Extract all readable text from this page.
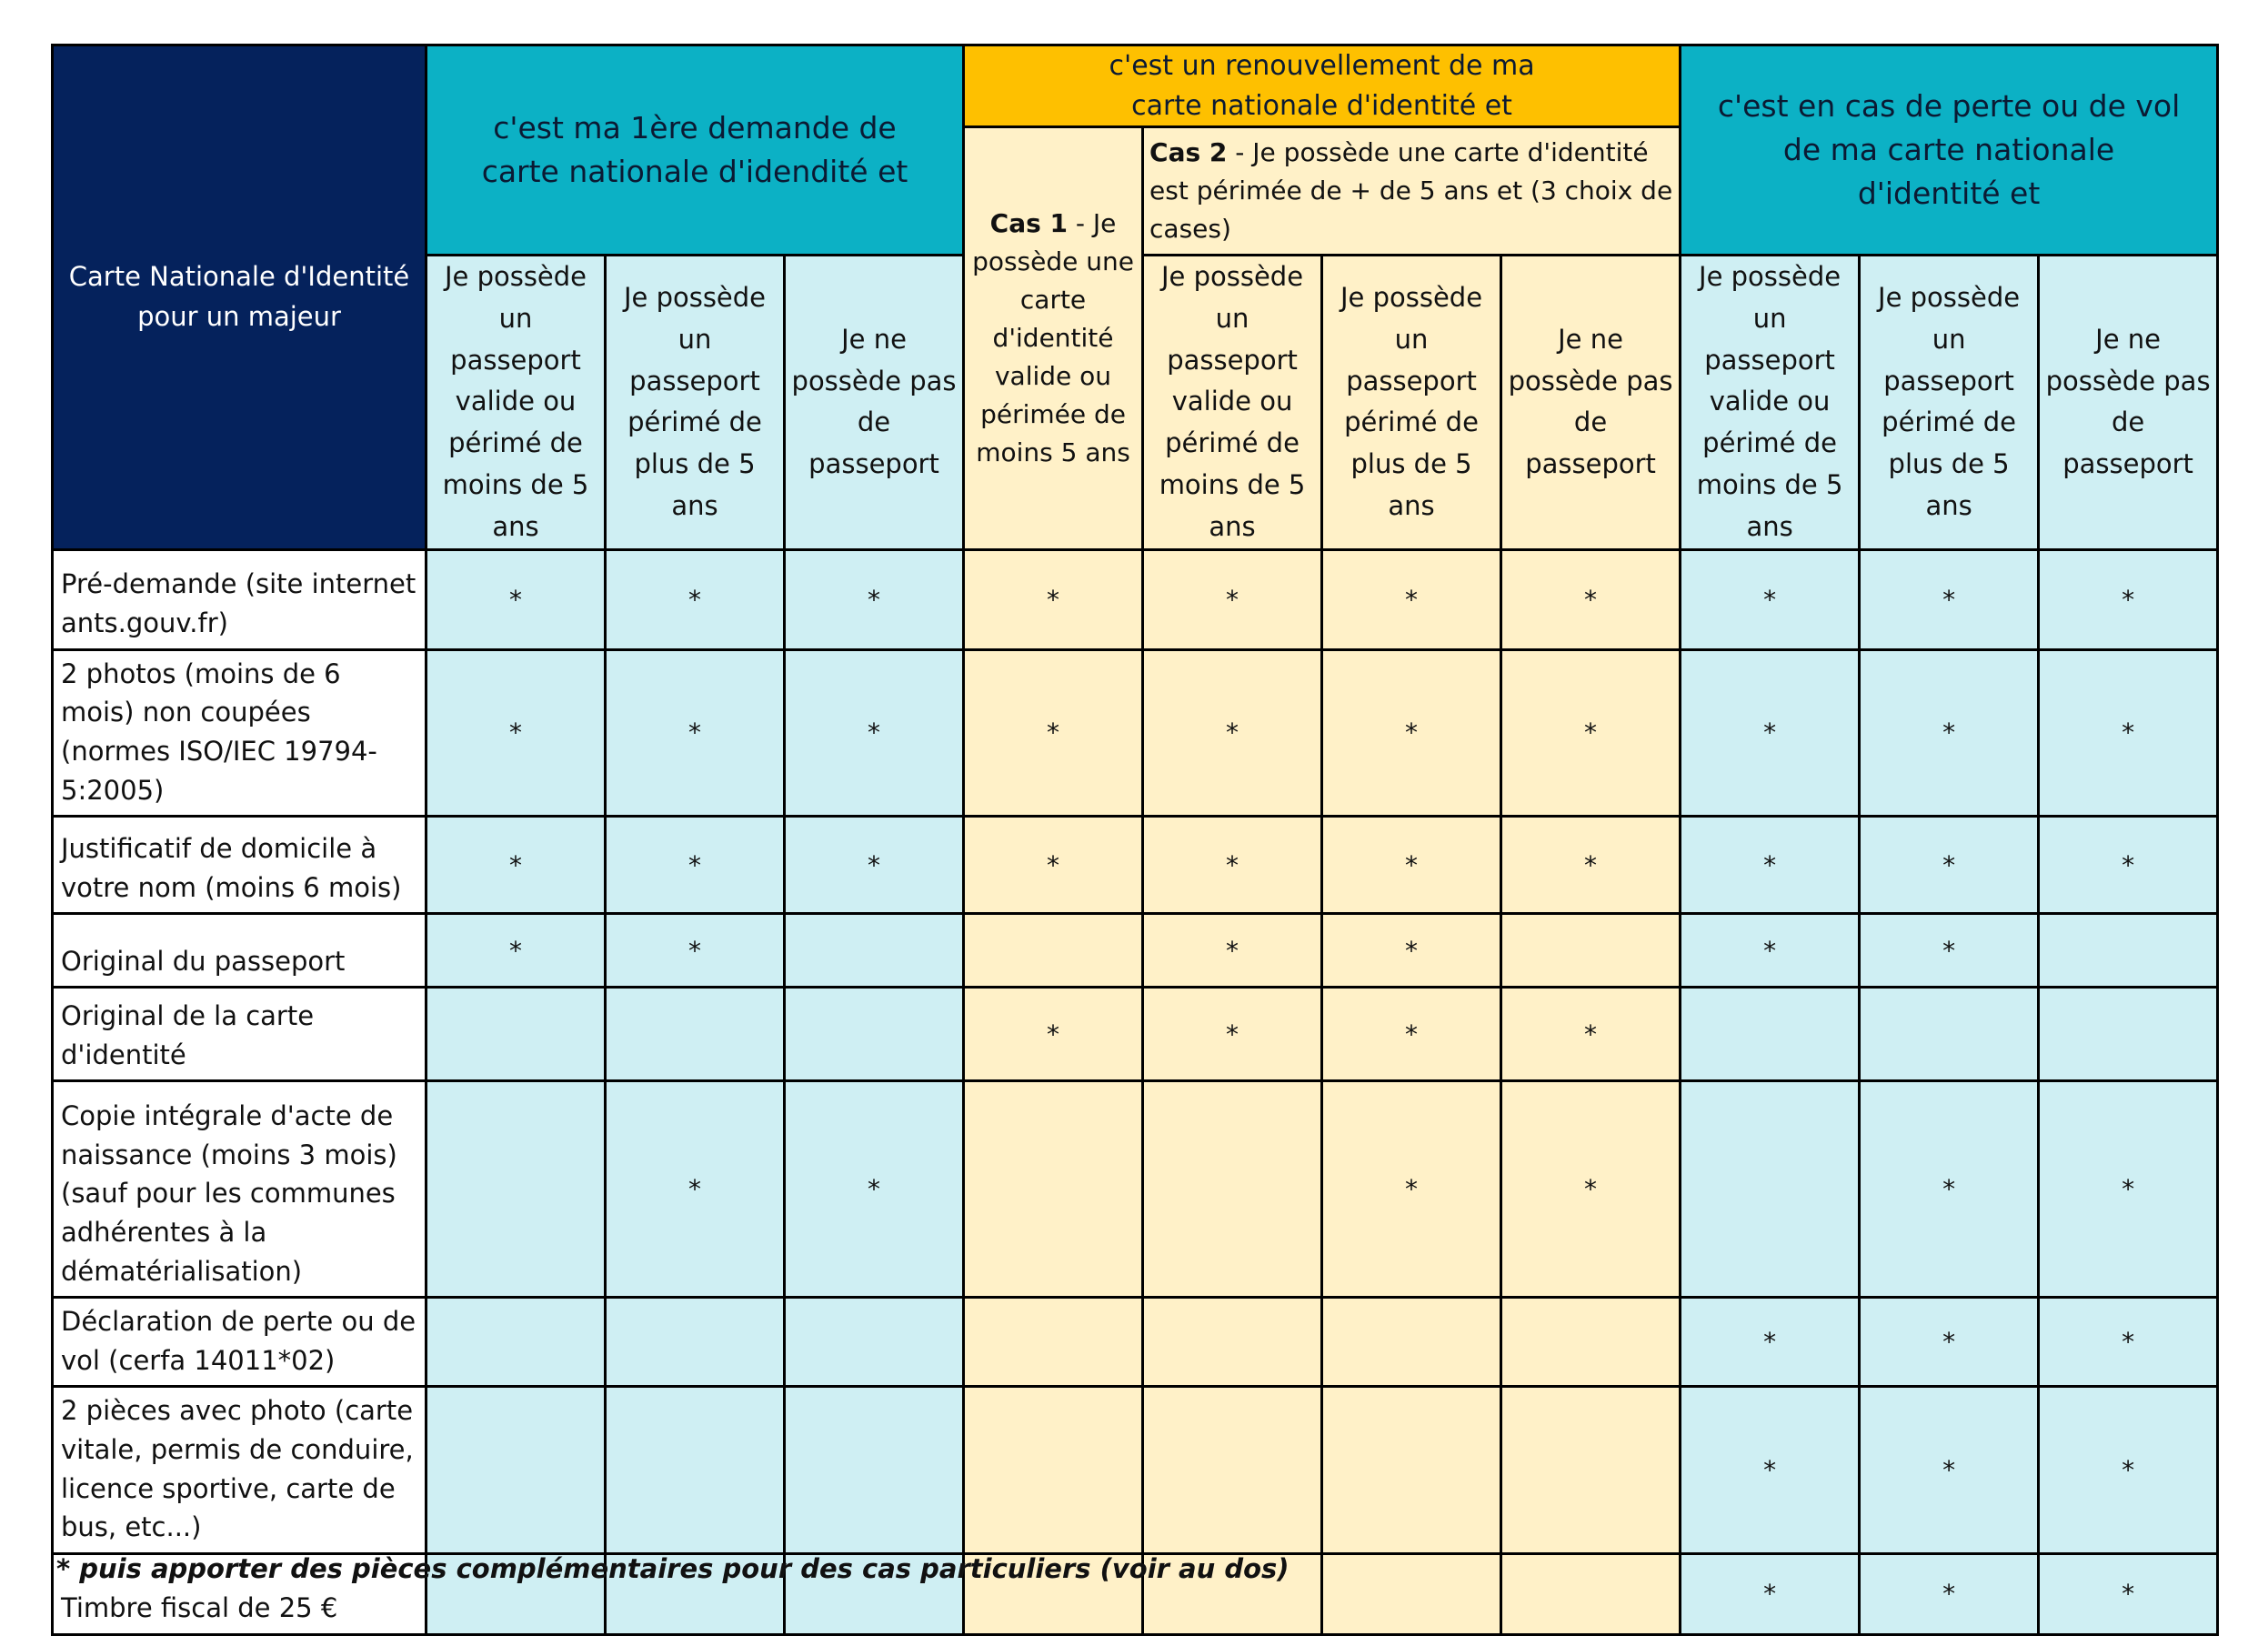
Carte Nationale d'Identité pour un majeur	c'est ma 1ère demande de carte nationale d'idendité et			c'est un renouvellement de ma carte nationale d'identité et				c'est en cas de perte ou de vol de ma carte nationale d'identité et		

				Cas 1 - Je possède une carte d'identité valide ou périmée de moins 5 ans	Cas 2 - Je possède une carte d'identité est périmée de + de 5 ans et (3 choix de cases)					

	Je possède un passeport valide ou périmé de moins de 5 ans	Je possède un passeport périmé de plus de 5 ans	Je ne possède pas de passeport		Je possède un passeport valide ou périmé de moins de 5 ans	Je possède un passeport périmé de plus de 5 ans	Je ne possède pas de passeport	Je possède un passeport valide ou périmé de moins de 5 ans	Je possède un passeport périmé de plus de 5 ans	Je ne possède pas de passeport

Pré-demande (site internet ants.gouv.fr)	*	*	*	*	*	*	*	*	*	*
2 photos (moins de 6 mois) non coupées (normes ISO/IEC 19794-5:2005)	*	*	*	*	*	*	*	*	*	*
Justificatif de domicile à votre nom (moins 6 mois)	*	*	*	*	*	*	*	*	*	*
Original du passeport	*	*			*	*		*	*	
Original de la carte d'identité				*	*	*	*			
Copie intégrale d'acte de naissance (moins 3 mois) (sauf pour les communes adhérentes à la dématérialisation)		*	*			*	*		*	*
Déclaration de perte ou de vol (cerfa 14011*02)								*	*	*
2 pièces avec photo (carte vitale, permis de conduire, licence sportive, carte de bus, etc...)								*	*	*
Timbre fiscal de 25 €								*	*	*
* puis apporter des pièces complémentaires pour des cas particuliers (voir au dos)
